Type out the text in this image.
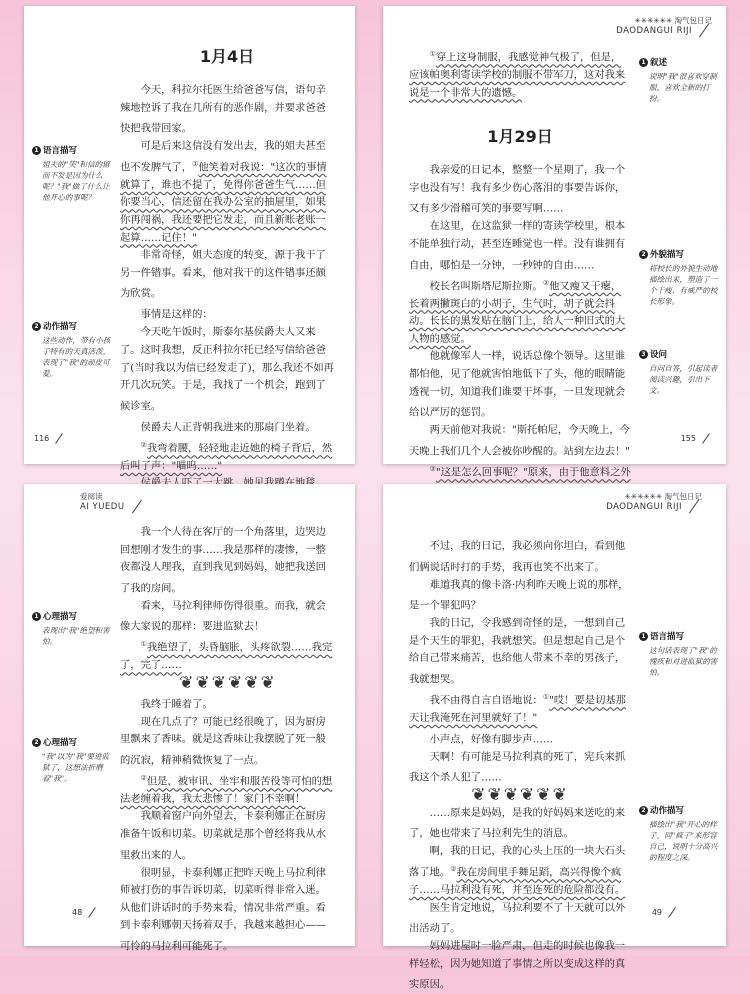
1月4日

今天，科拉尔托医生给爸爸写信，语句辛辣地控诉了我在几所有的恶作剧，并要求爸爸快把我带回家。

可是后来这信没有发出去，我的姐夫甚至也不发脾气了，①他笑着对我说："这次的事情就算了，谁也不提了，免得你爸爸生气……但你要当心，信还留在我办公室的抽屉里，如果你再闯祸，我还要把它发走，而且新账老账一起算……记住！"

非常奇怪，姐夫态度的转变，源于我干了另一件错事。看来，他对我干的这件错事还颇为欣赏。

事情是这样的：

今天吃午饭时，斯泰尔基侯爵夫人又来了。这时我想，反正科拉尔托已经写信给爸爸了(当时我以为信已经发走了)，那么我还不如再开几次玩笑。于是，我找了一个机会，跑到了候诊室。

侯爵夫人正背朝我进来的那扇门坐着。

②我弯着腰，轻轻地走近她的椅子背后，然后叫了声："喵呜……"

1 语言描写
姐夫的"笑"和信的留而不发是因为什么呢？"我"做了什么让他开心的事呢？
2 动作描写
这些动作，带有小孩子特有的天真活泼，表现了"我"的顽皮可爱。
116
✳✳✳✳✳✳ 淘气包日记
DAODANGUI RIJI

①穿上这身制服，我感觉神气极了，但是，应该帕奥利寄读学校的制服不带军刀，这对我来说是一个非常大的遗憾。

1月29日

我亲爱的日记本，整整一个星期了，我一个字也没有写！我有多少伤心落泪的事要告诉你，又有多少滑稽可笑的事要写啊……

在这里，在这监狱一样的寄读学校里，根本不能单独行动，甚至连睡觉也一样。没有谁拥有自由，哪怕是一分钟，一秒钟的自由……

校长名叫斯塔尼斯拉斯。②他又瘦又干瘪，长着两撇斑白的小胡子，生气时，胡子就会抖动。长长的黑发贴在脑门上，给人一种旧式的大人物的感觉。

他就像军人一样，说话总像个领导。这里谁都怕他，见了他就害怕地低下了头，他的眼睛能透视一切，知道我们谁要干坏事，一旦发现就会给以严厉的惩罚。

两天前他对我说："斯托帕尼，今天晚上，今天晚上我们几个人会被你吵醒的。站到左边去！"

③"这是怎么回事呢？"原来，由于他意料之外

1 叙述
说明"我"很喜欢穿制服，喜欢全新的打扮。
2 外貌描写
将校长的外貌生动地描绘出来，塑造了一个干瘦、有威严的校长形象。
3 设问
自问自答，引起读者阅读兴趣，引出下文。
155
爱阅读
AI YUEDU

我一个人待在客厅的一个角落里，边哭边回想刚才发生的事……我是那样的凄惨，一整夜都没人理我，直到我见到妈妈，她把我送回了我的房间。

看来，马拉利律师伤得很重。而我，就会像大家说的那样：要进监狱去！

①我绝望了，头昏脑胀，头疼欲裂……我完了，完了……

❦❦❦❦❦❦

我终于睡着了。

现在几点了？可能已经很晚了，因为厨房里飘来了香味。就是这香味让我摆脱了死一般的沉寂，精神稍微恢复了一点。

②但是，被审讯、坐牢和服苦役等可怕的想法老缠着我，我太悲惨了！家门不幸啊！

我顺着窗户向外望去，卡泰利娜正在厨房准备午饭和切菜。切菜就是那个曾经将我从水里救出来的人。

很明显，卡泰利娜正把昨天晚上马拉利律师被打伤的事告诉切菜，切菜听得非常入迷。从他们讲话时的手势来看，情况非常严重。看到卡泰利娜朝天扬着双手，我越来越担心——可怜的马拉利可能死了。

1 心理描写
表现出"我"绝望和害怕。
2 心理描写
"我"以为"我"要进监狱了，这想法折磨着"我"。
48
✳✳✳✳✳✳ 淘气包日记
DAODANGUI RIJI

不过，我的日记，我必须向你坦白，看到他们俩说话时打的手势，我再也笑不出来了。

难道我真的像卡洛·内利昨天晚上说的那样，是一个罪犯吗？

我的日记，令我感到奇怪的是，一想到自己是个天生的罪犯，我就想笑。但是想起自己是个给自己带来痛苦，也给他人带来不幸的男孩子，我就想哭。

我不由得自言自语地说：①"哎！要是切基那天让我淹死在河里就好了！"

小声点，好像有脚步声……

天啊！有可能是马拉利真的死了，宪兵来抓我这个杀人犯了……

❦❦❦❦❦❦

……原来是妈妈，是我的好妈妈来送吃的来了，她也带来了马拉利先生的消息。

啊，我的日记，我的心头上压的一块大石头落了地。②我在房间里手舞足蹈，高兴得像个疯子……马拉利没有死，并至连死的危险都没有。

医生肯定地说，马拉利要不了十天就可以外出活动了。

妈妈进屋时一脸严肃，但走的时候也像我一样轻松，因为她知道了事情之所以变成这样的真实原因。

1 语言描写
这句话表现了"我"的愧疚和对进监狱的害怕。
2 动作描写
描绘出"我"开心的样子，同"疯子"来形容自己，说明十分高兴的程度之深。
49
